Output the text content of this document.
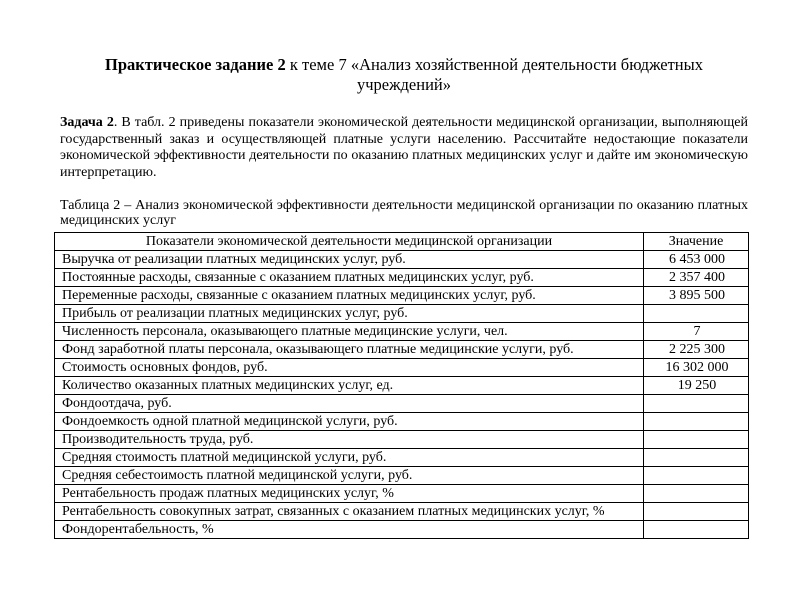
Практическое задание 2 к теме 7 «Анализ хозяйственной деятельности бюджетных учреждений»
Задача 2. В табл. 2 приведены показатели экономической деятельности медицинской организации, выполняющей государственный заказ и осуществляющей платные услуги населению. Рассчитайте недостающие показатели экономической эффективности деятельности по оказанию платных медицинских услуг и дайте им экономическую интерпретацию.
Таблица 2 – Анализ экономической эффективности деятельности медицинской организации по оказанию платных медицинских услуг
Показатели экономической деятельности медицинской организации	Значение
Выручка от реализации платных медицинских услуг, руб.	6 453 000
Постоянные расходы, связанные с оказанием платных медицинских услуг, руб.	2 357 400
Переменные расходы, связанные с оказанием платных медицинских услуг, руб.	3 895 500
Прибыль от реализации платных медицинских услуг, руб.	
Численность персонала, оказывающего платные медицинские услуги, чел.	7
Фонд заработной платы персонала, оказывающего платные медицинские услуги, руб.	2 225 300
Стоимость основных фондов, руб.	16 302 000
Количество оказанных платных медицинских услуг, ед.	19 250
Фондоотдача, руб.	
Фондоемкость одной платной медицинской услуги, руб.	
Производительность труда, руб.	
Средняя стоимость платной медицинской услуги, руб.	
Средняя себестоимость платной медицинской услуги, руб.	
Рентабельность продаж платных медицинских услуг, %	
Рентабельность совокупных затрат, связанных с оказанием платных медицинских услуг, %	
Фондорентабельность, %	
